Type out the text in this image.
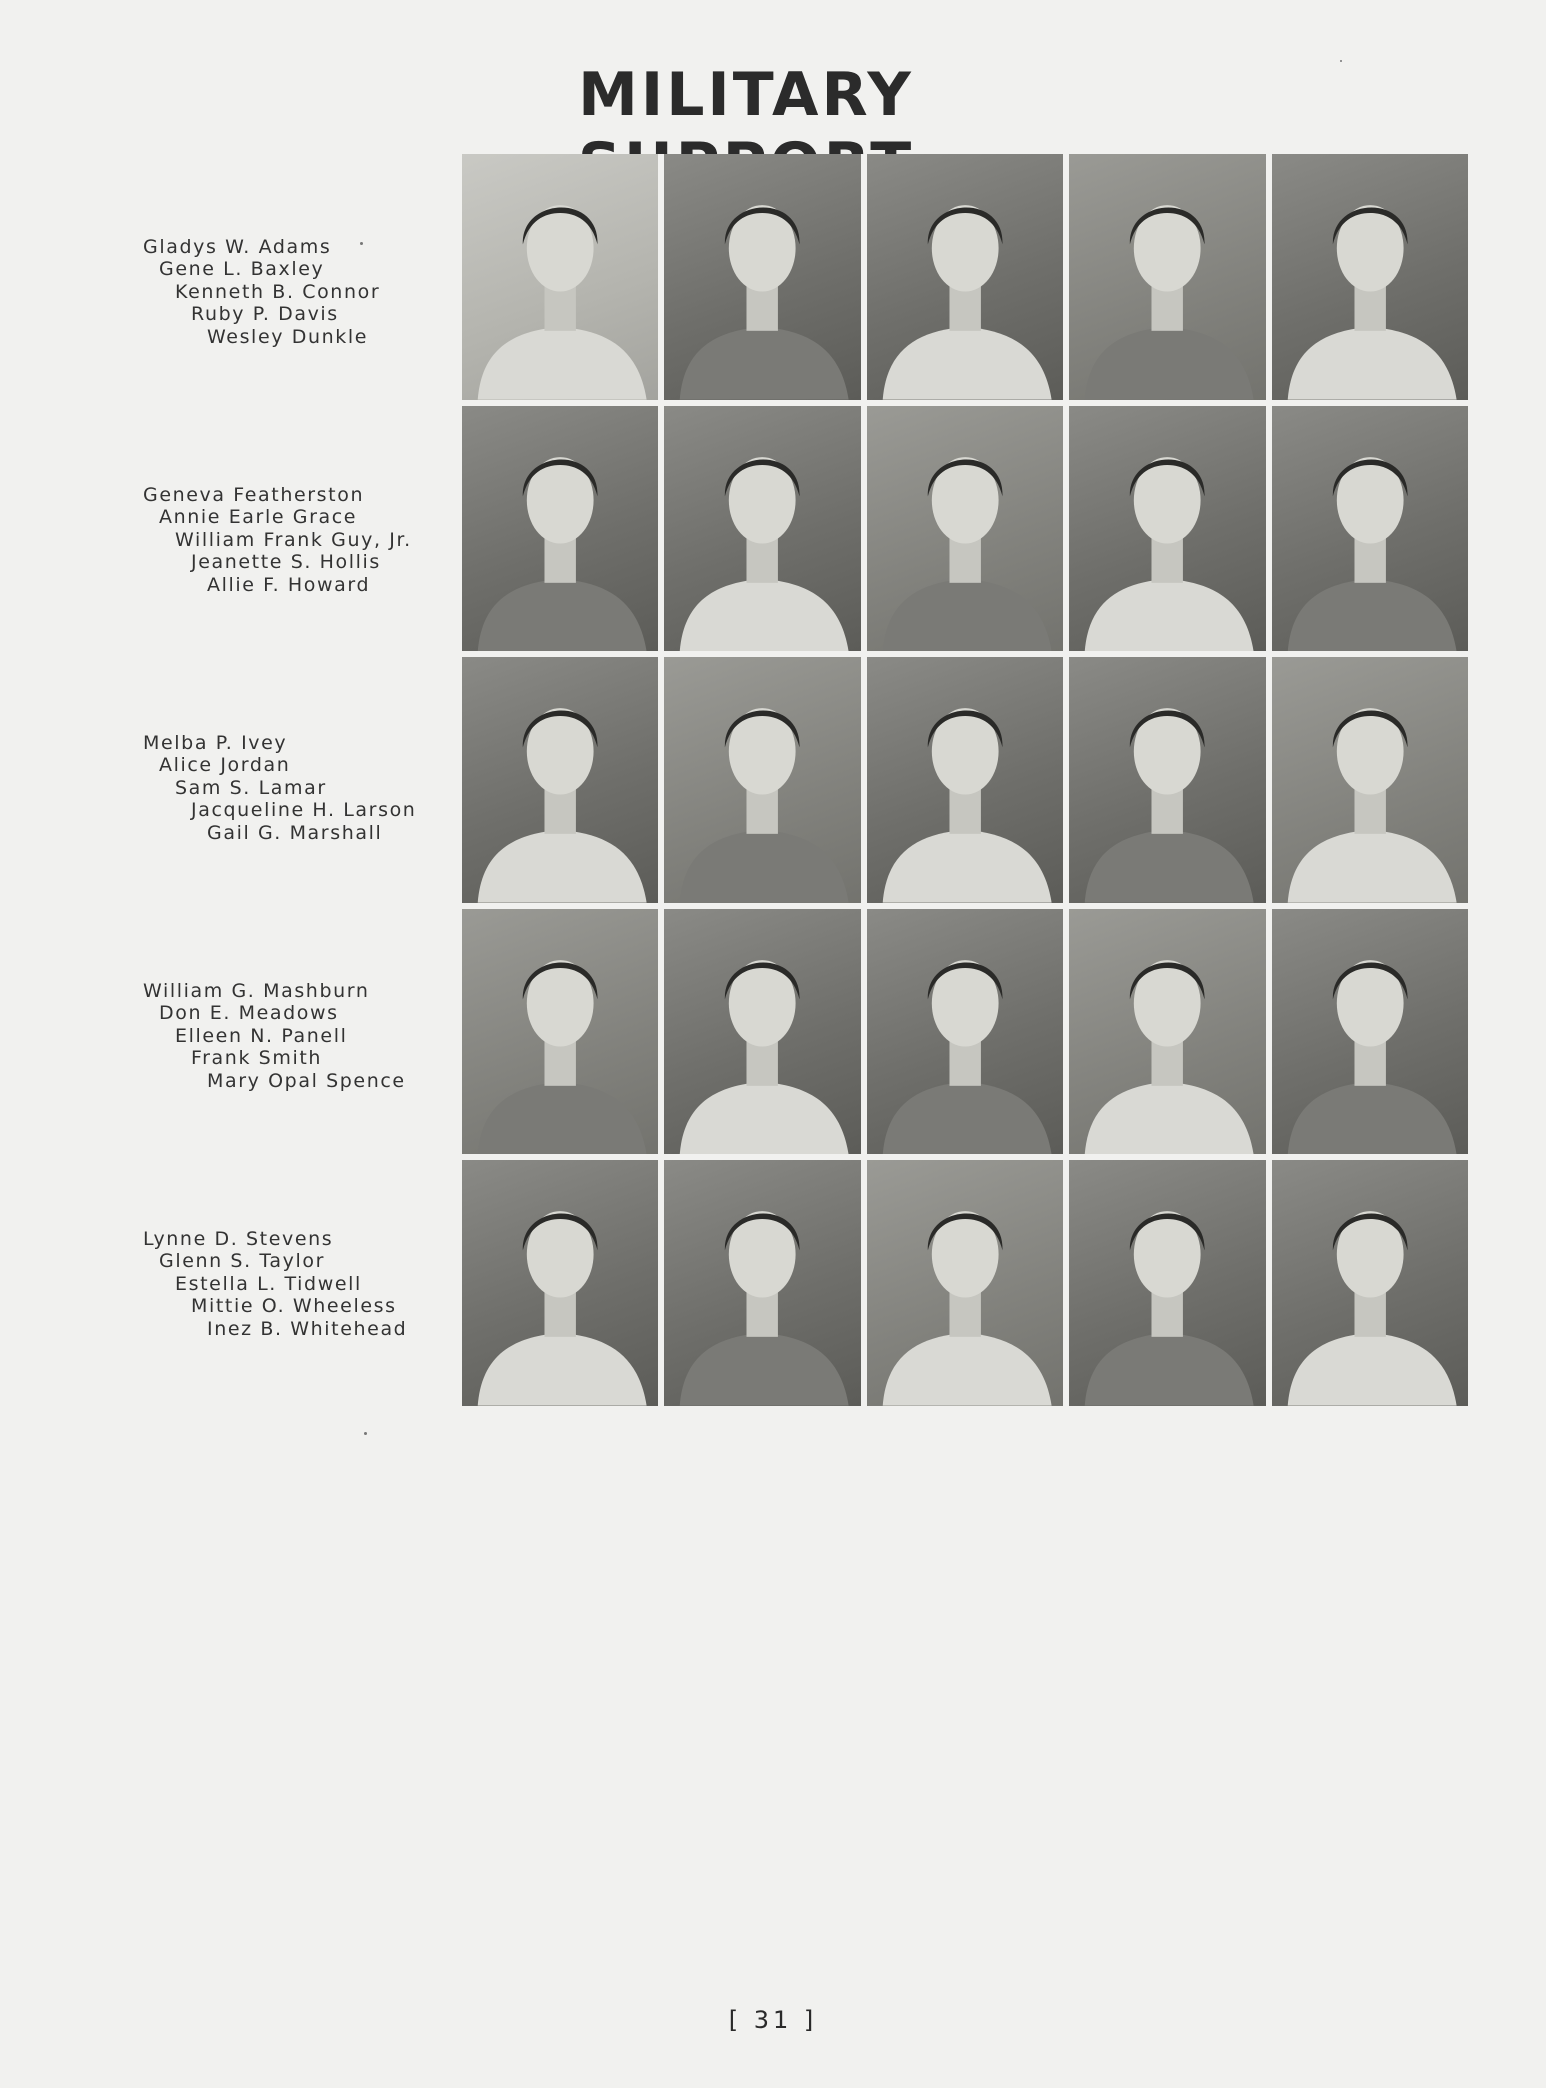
MILITARY
Gladys W. Adams
Gene L. Baxley
Kenneth B. Connor
Ruby P. Davis
Wesley Dunkle
Geneva Featherston
Annie Earle Grace
William Frank Guy, Jr.
Jeanette S. Hollis
Allie F. Howard
Melba P. Ivey
Alice Jordan
Sam S. Lamar
Jacqueline H. Larson
Gail G. Marshall
William G. Mashburn
Don E. Meadows
Elleen N. Panell
Frank Smith
Mary Opal Spence
Lynne D. Stevens
Glenn S. Taylor
Estella L. Tidwell
Mittie O. Wheeless
Inez B. Whitehead
[ 31 ]
